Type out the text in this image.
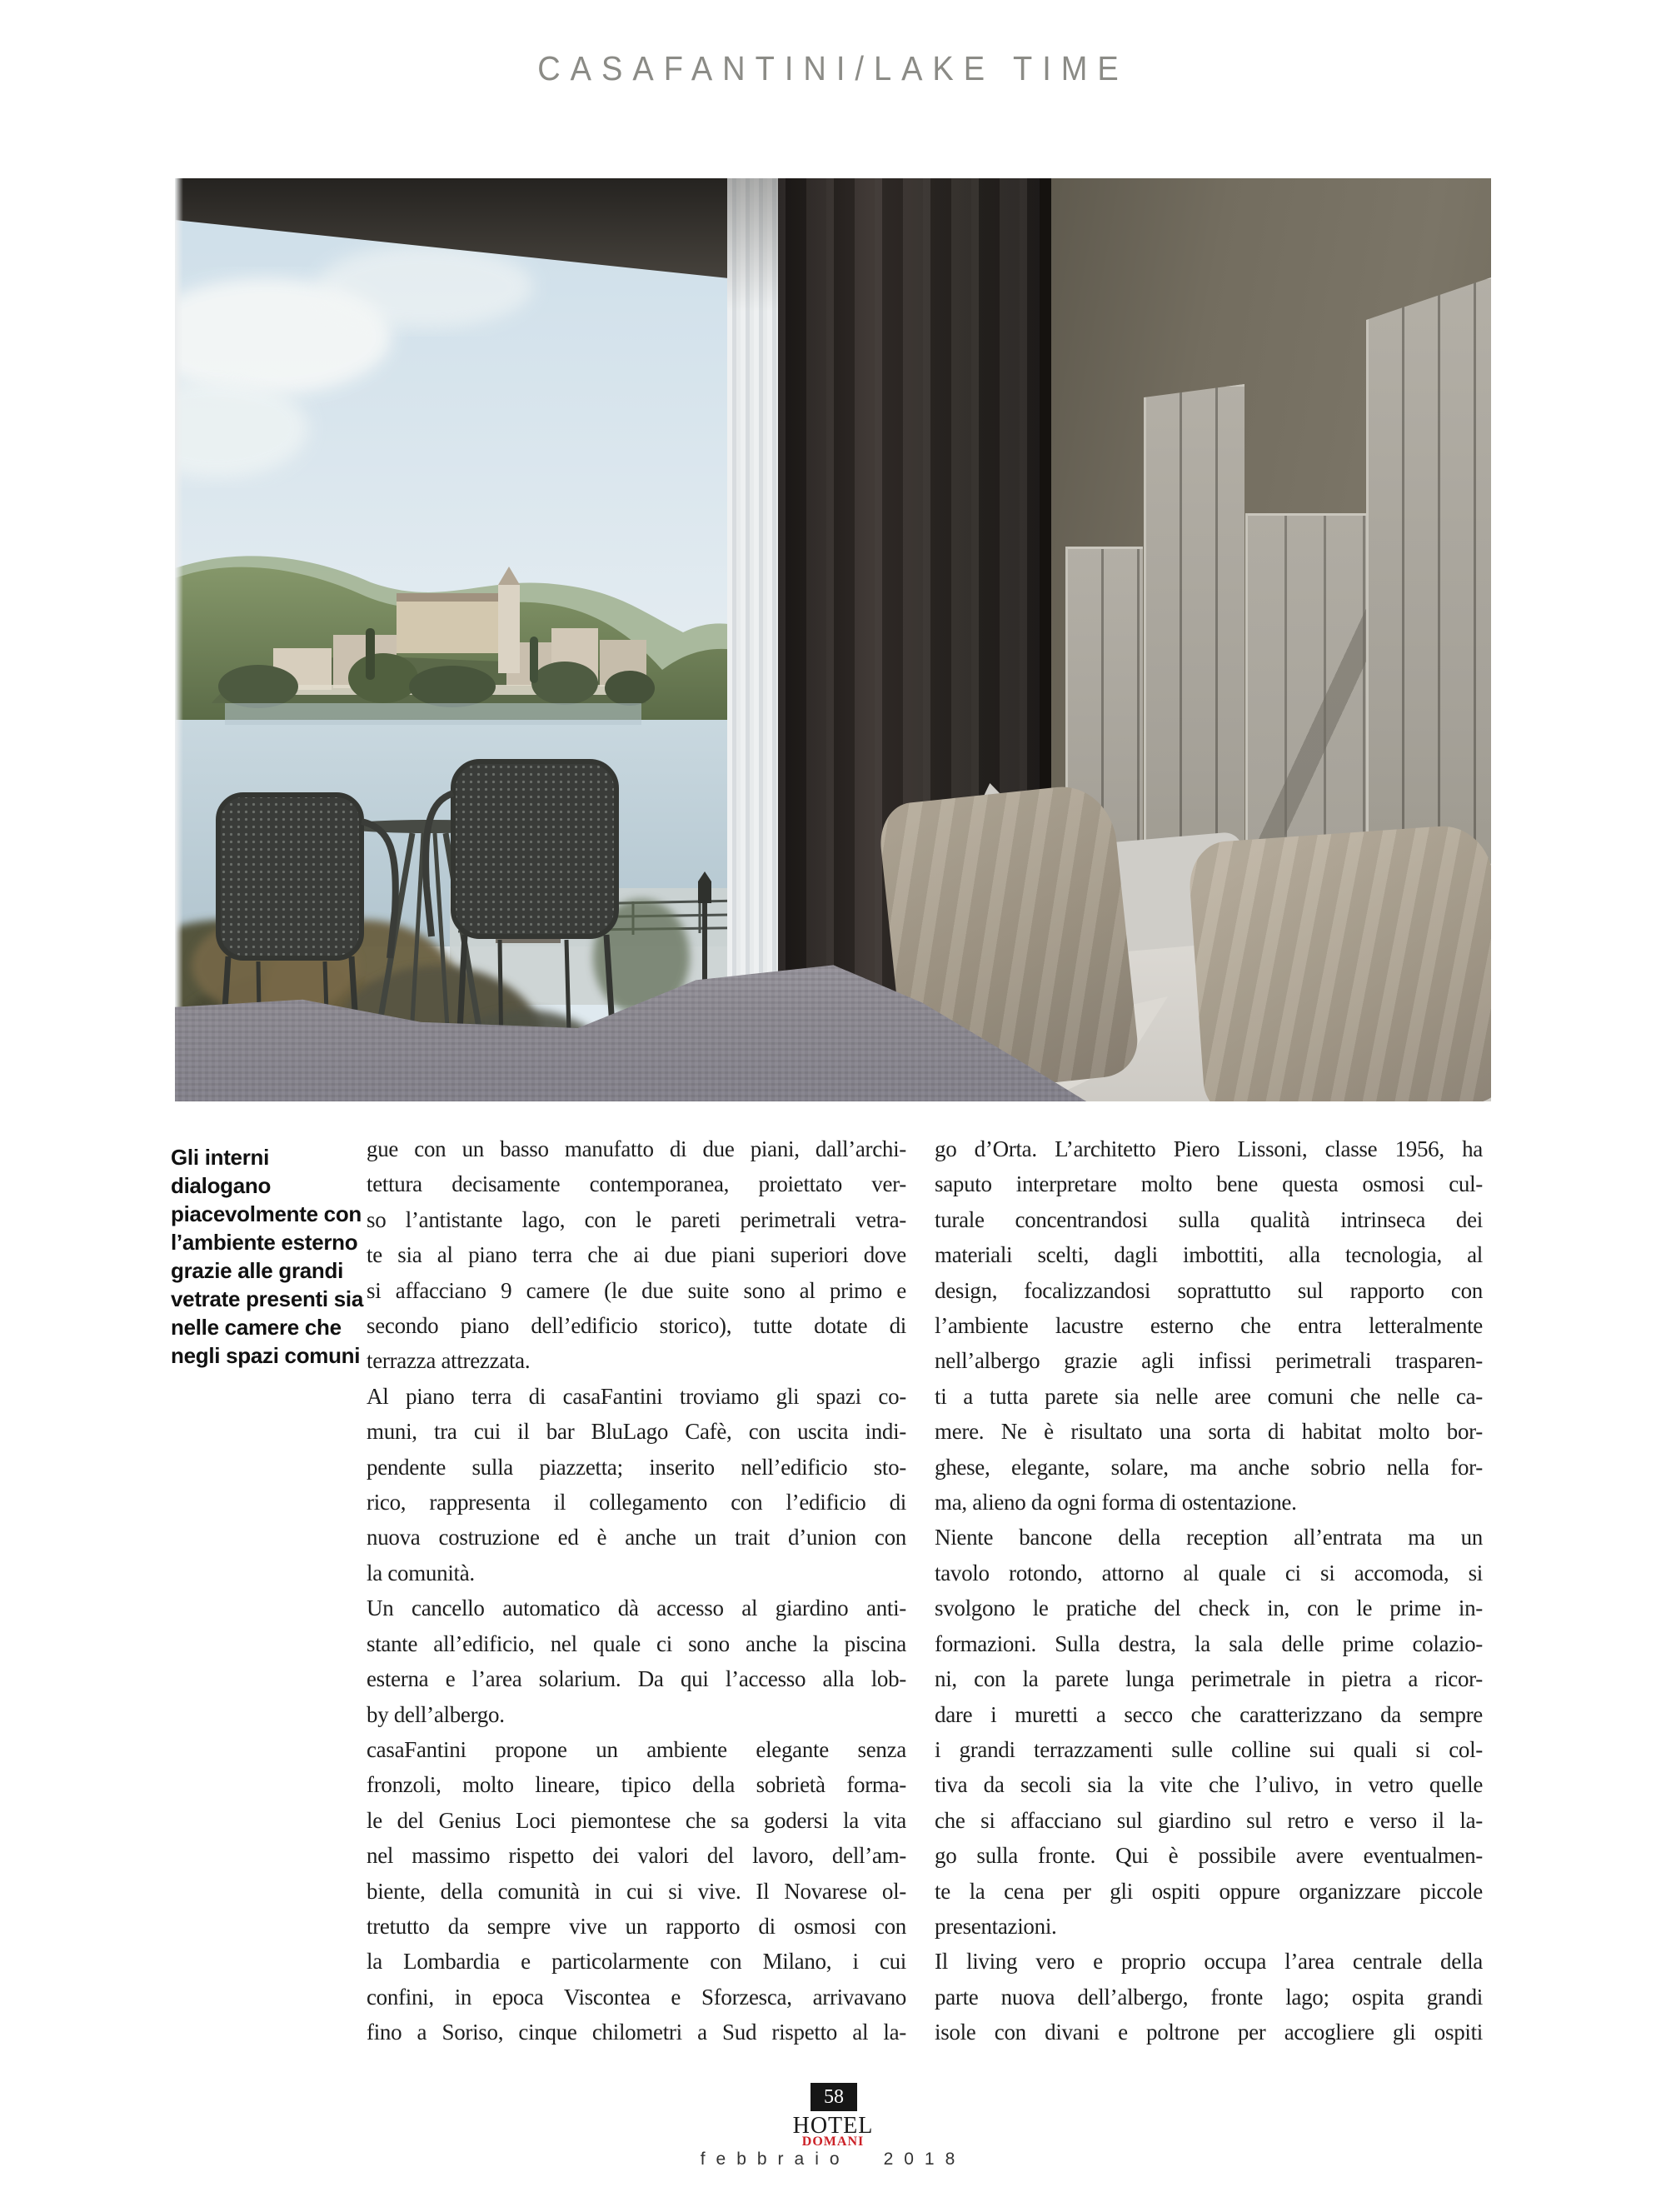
CASAFANTINI/LAKE TIME
Gli interni
dialogano
piacevolmente con
l’ambiente esterno
grazie alle grandi
vetrate presenti sia
nelle camere che
negli spazi comuni
gue con un basso manufatto di due piani, dall’archi-
tettura decisamente contemporanea, proiettato ver-
so l’antistante lago, con le pareti perimetrali vetra-
te sia al piano terra che ai due piani superiori dove
si affacciano 9 camere (le due suite sono al primo e
secondo piano dell’edificio storico), tutte dotate di
terrazza attrezzata.
Al piano terra di casaFantini troviamo gli spazi co-
muni, tra cui il bar BluLago Cafè, con uscita indi-
pendente sulla piazzetta; inserito nell’edificio sto-
rico, rappresenta il collegamento con l’edificio di
nuova costruzione ed è anche un trait d’union con
la comunità.
Un cancello automatico dà accesso al giardino anti-
stante all’edificio, nel quale ci sono anche la piscina
esterna e l’area solarium. Da qui l’accesso alla lob-
by dell’albergo.
casaFantini propone un ambiente elegante senza
fronzoli, molto lineare, tipico della sobrietà forma-
le del Genius Loci piemontese che sa godersi la vita
nel massimo rispetto dei valori del lavoro, dell’am-
biente, della comunità in cui si vive. Il Novarese ol-
tretutto da sempre vive un rapporto di osmosi con
la Lombardia e particolarmente con Milano, i cui
confini, in epoca Viscontea e Sforzesca, arrivavano
fino a Soriso, cinque chilometri a Sud rispetto al la-
go d’Orta. L’architetto Piero Lissoni, classe 1956, ha
saputo interpretare molto bene questa osmosi cul-
turale concentrandosi sulla qualità intrinseca dei
materiali scelti, dagli imbottiti, alla tecnologia, al
design, focalizzandosi soprattutto sul rapporto con
l’ambiente lacustre esterno che entra letteralmente
nell’albergo grazie agli infissi perimetrali trasparen-
ti a tutta parete sia nelle aree comuni che nelle ca-
mere. Ne è risultato una sorta di habitat molto bor-
ghese, elegante, solare, ma anche sobrio nella for-
ma, alieno da ogni forma di ostentazione.
Niente bancone della reception all’entrata ma un
tavolo rotondo, attorno al quale ci si accomoda, si
svolgono le pratiche del check in, con le prime in-
formazioni. Sulla destra, la sala delle prime colazio-
ni, con la parete lunga perimetrale in pietra a ricor-
dare i muretti a secco che caratterizzano da sempre
i grandi terrazzamenti sulle colline sui quali si col-
tiva da secoli sia la vite che l’ulivo, in vetro quelle
che si affacciano sul giardino sul retro e verso il la-
go sulla fronte. Qui è possibile avere eventualmen-
te la cena per gli ospiti oppure organizzare piccole
presentazioni.
Il living vero e proprio occupa l’area centrale della
parte nuova dell’albergo, fronte lago; ospita grandi
isole con divani e poltrone per accogliere gli ospiti
58
HOTEL
DOMANI
febbraio 2018
